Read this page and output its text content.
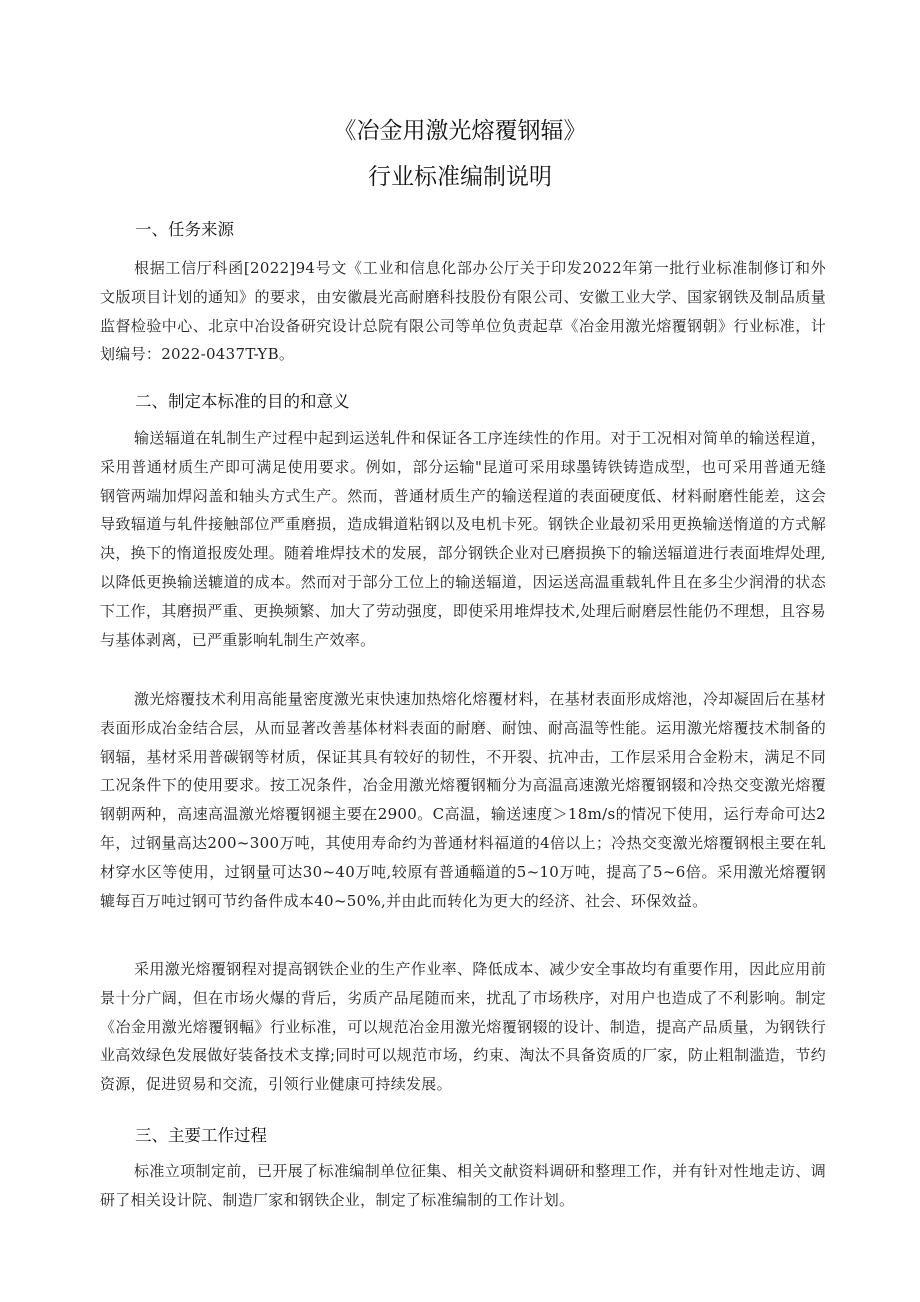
《冶金用激光熔覆钢辐》
行业标准编制说明
一、任务来源
根据工信厅科函[2022]94号文《工业和信息化部办公厅关于印发2022年第一批行业标准制修订和外文版项目计划的通知》的要求，由安徽晨光高耐磨科技股份有限公司、安徽工业大学、国家钢铁及制品质量监督检验中心、北京中冶设备研究设计总院有限公司等单位负责起草《冶金用激光熔覆钢朝》行业标准，计划编号：2022-0437T-YB。
二、制定本标准的目的和意义
输送辐道在轧制生产过程中起到运送轧件和保证各工序连续性的作用。对于工况相对简单的输送程道，采用普通材质生产即可满足使用要求。例如，部分运输"昆道可采用球墨铸铁铸造成型，也可采用普通无缝钢管两端加焊闷盖和轴头方式生产。然而，普通材质生产的输送程道的表面硬度低、材料耐磨性能差，这会导致辐道与轧件接触部位严重磨损，造成辑道粘钢以及电机卡死。钢铁企业最初采用更换输送惰道的方式解决，换下的惰道报废处理。随着堆焊技术的发展，部分钢铁企业对已磨损换下的输送辐道进行表面堆焊处理,以降低更换输送辘道的成本。然而对于部分工位上的输送辐道，因运送高温重载轧件且在多尘少润滑的状态下工作，其磨损严重、更换频繁、加大了劳动强度，即使采用堆焊技术,处理后耐磨层性能仍不理想，且容易与基体剥离，已严重影响轧制生产效率。
激光熔覆技术利用高能量密度激光束快速加热熔化熔覆材料，在基材表面形成熔池，冷却凝固后在基材表面形成冶金结合层，从而显著改善基体材料表面的耐磨、耐蚀、耐高温等性能。运用激光熔覆技术制备的钢辐，基材采用普碳钢等材质，保证其具有较好的韧性，不开裂、抗冲击，工作层采用合金粉末，满足不同工况条件下的使用要求。按工况条件，冶金用激光熔覆钢粫分为高温高速激光熔覆钢辍和冷热交变激光熔覆钢朝两种，高速高温激光熔覆钢褪主要在2900。C高温，输送速度＞18m/s的情况下使用，运行寿命可达2年，过钢量高达200~300万吨，其使用寿命约为普通材料福道的4倍以上；冷热交变激光熔覆钢根主要在轧材穿水区等使用，过钢量可达30~40万吨,较原有普通輜道的5~10万吨，提高了5~6倍。采用激光熔覆钢辘每百万吨过钢可节约备件成本40~50%,并由此而转化为更大的经济、社会、环保效益。
采用激光熔覆钢程对提高钢铁企业的生产作业率、降低成本、减少安全事故均有重要作用，因此应用前景十分广阔，但在市场火爆的背后，劣质产品尾随而来，扰乱了市场秩序，对用户也造成了不利影响。制定《冶金用激光熔覆钢輻》行业标准，可以规范冶金用激光熔覆钢辍的设计、制造，提高产品质量，为钢铁行业高效绿色发展做好装备技术支撑;同时可以规范市场，约束、淘汰不具备资质的厂家，防止粗制滥造，节约资源，促进贸易和交流，引领行业健康可持续发展。
三、主要工作过程
标准立项制定前，已开展了标准编制单位征集、相关文献资料调研和整理工作，并有针对性地走访、调研了相关设计院、制造厂家和钢铁企业，制定了标准编制的工作计划。
